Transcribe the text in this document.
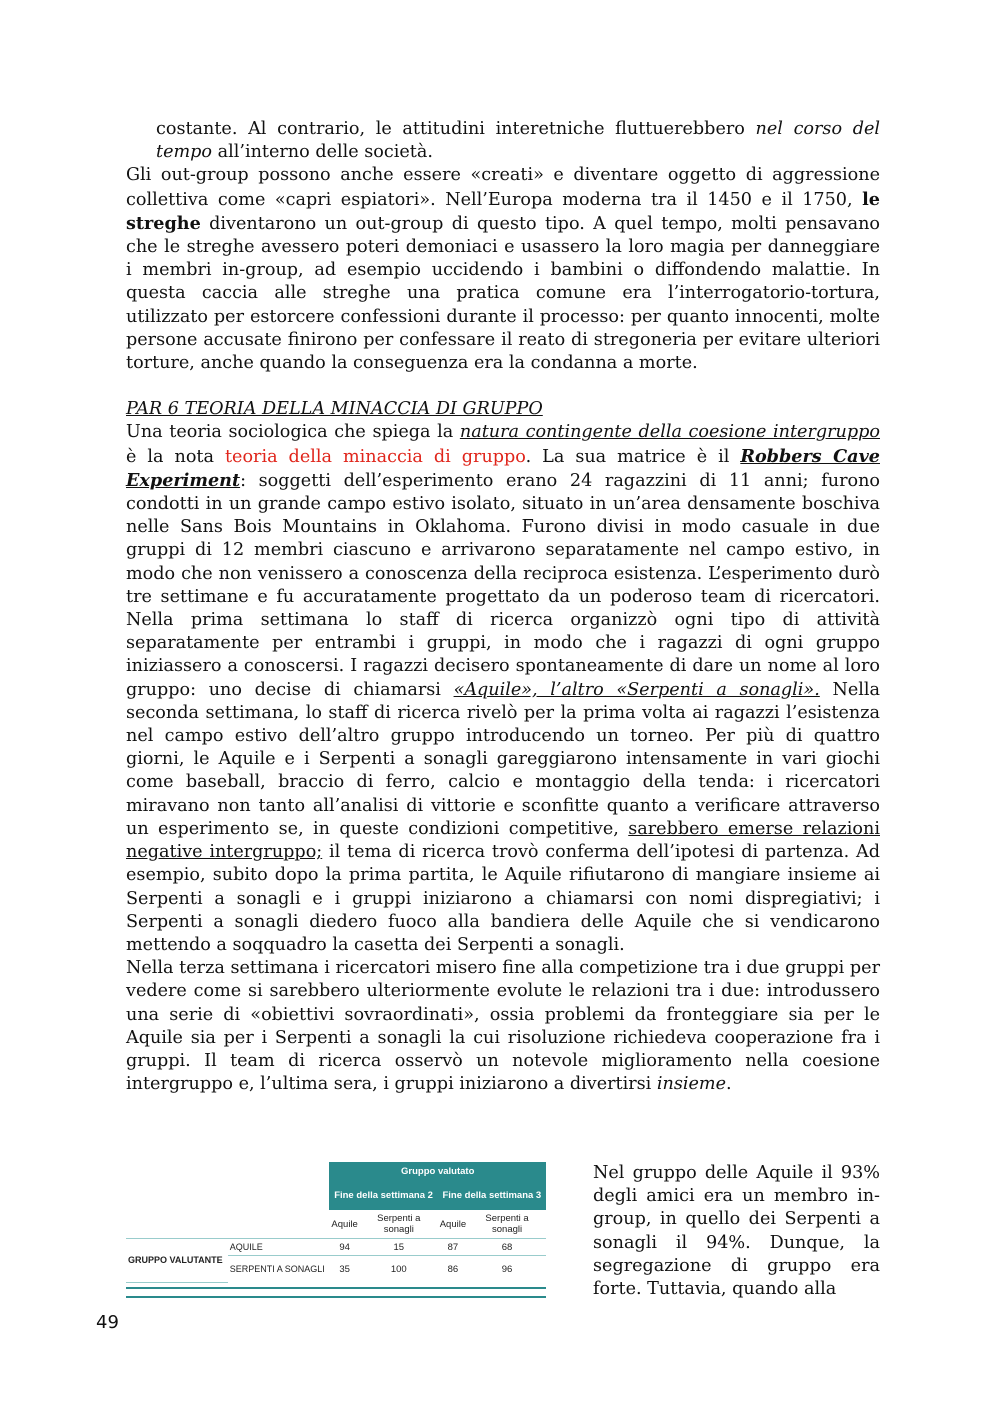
costante. Al contrario, le attitudini interetniche fluttuerebbero nel corso del tempo all’interno delle società.

Gli out-group possono anche essere «creati» e diventare oggetto di aggressione collettiva come «capri espiatori». Nell’Europa moderna tra il 1450 e il 1750, le streghe diventarono un out-group di questo tipo. A quel tempo, molti pensavano che le streghe avessero poteri demoniaci e usassero la loro magia per danneggiare i membri in-group, ad esempio uccidendo i bambini o diffondendo malattie. In questa caccia alle streghe una pratica comune era l’interrogatorio-tortura, utilizzato per estorcere confessioni durante il processo: per quanto innocenti, molte persone accusate finirono per confessare il reato di stregoneria per evitare ulteriori torture, anche quando la conseguenza era la condanna a morte.

PAR 6 TEORIA DELLA MINACCIA DI GRUPPO

Una teoria sociologica che spiega la natura contingente della coesione intergruppo è la nota teoria della minaccia di gruppo. La sua matrice è il Robbers Cave Experiment: soggetti dell’esperimento erano 24 ragazzini di 11 anni; furono condotti in un grande campo estivo isolato, situato in un’area densamente boschiva nelle Sans Bois Mountains in Oklahoma. Furono divisi in modo casuale in due gruppi di 12 membri ciascuno e arrivarono separatamente nel campo estivo, in modo che non venissero a conoscenza della reciproca esistenza. L’esperimento durò tre settimane e fu accuratamente progettato da un poderoso team di ricercatori. Nella prima settimana lo staff di ricerca organizzò ogni tipo di attività separatamente per entrambi i gruppi, in modo che i ragazzi di ogni gruppo iniziassero a conoscersi. I ragazzi decisero spontaneamente di dare un nome al loro gruppo: uno decise di chiamarsi «Aquile», l’altro «Serpenti a sonagli». Nella seconda settimana, lo staff di ricerca rivelò per la prima volta ai ragazzi l’esistenza nel campo estivo dell’altro gruppo introducendo un torneo. Per più di quattro giorni, le Aquile e i Serpenti a sonagli gareggiarono intensamente in vari giochi come baseball, braccio di ferro, calcio e montaggio della tenda: i ricercatori miravano non tanto all’analisi di vittorie e sconfitte quanto a verificare attraverso un esperimento se, in queste condizioni competitive, sarebbero emerse relazioni negative intergruppo; il tema di ricerca trovò conferma dell’ipotesi di partenza. Ad esempio, subito dopo la prima partita, le Aquile rifiutarono di mangiare insieme ai Serpenti a sonagli e i gruppi iniziarono a chiamarsi con nomi dispregiativi; i Serpenti a sonagli diedero fuoco alla bandiera delle Aquile che si vendicarono mettendo a soqquadro la casetta dei Serpenti a sonagli.

Nella terza settimana i ricercatori misero fine alla competizione tra i due gruppi per vedere come si sarebbero ulteriormente evolute le relazioni tra i due: introdussero una serie di «obiettivi sovraordinati», ossia problemi da fronteggiare sia per le Aquile sia per i Serpenti a sonagli la cui risoluzione richiedeva cooperazione fra i gruppi. Il team di ricerca osservò un notevole miglioramento nella coesione intergruppo e, l’ultima sera, i gruppi iniziarono a divertirsi insieme.

		Gruppo valutato			
		Fine della settimana 2		Fine della settimana 3	
		Aquile	Serpenti a sonagli	Aquile	Serpenti a sonagli
GRUPPO VALUTANTE	AQUILE	94	15	87	68
	SERPENTI A SONAGLI	35	100	86	96
Nel gruppo delle Aquile il 93% degli amici era un membro in-group, in quello dei Serpenti a sonagli il 94%. Dunque, la segregazione di gruppo era forte. Tuttavia, quando alla
49
